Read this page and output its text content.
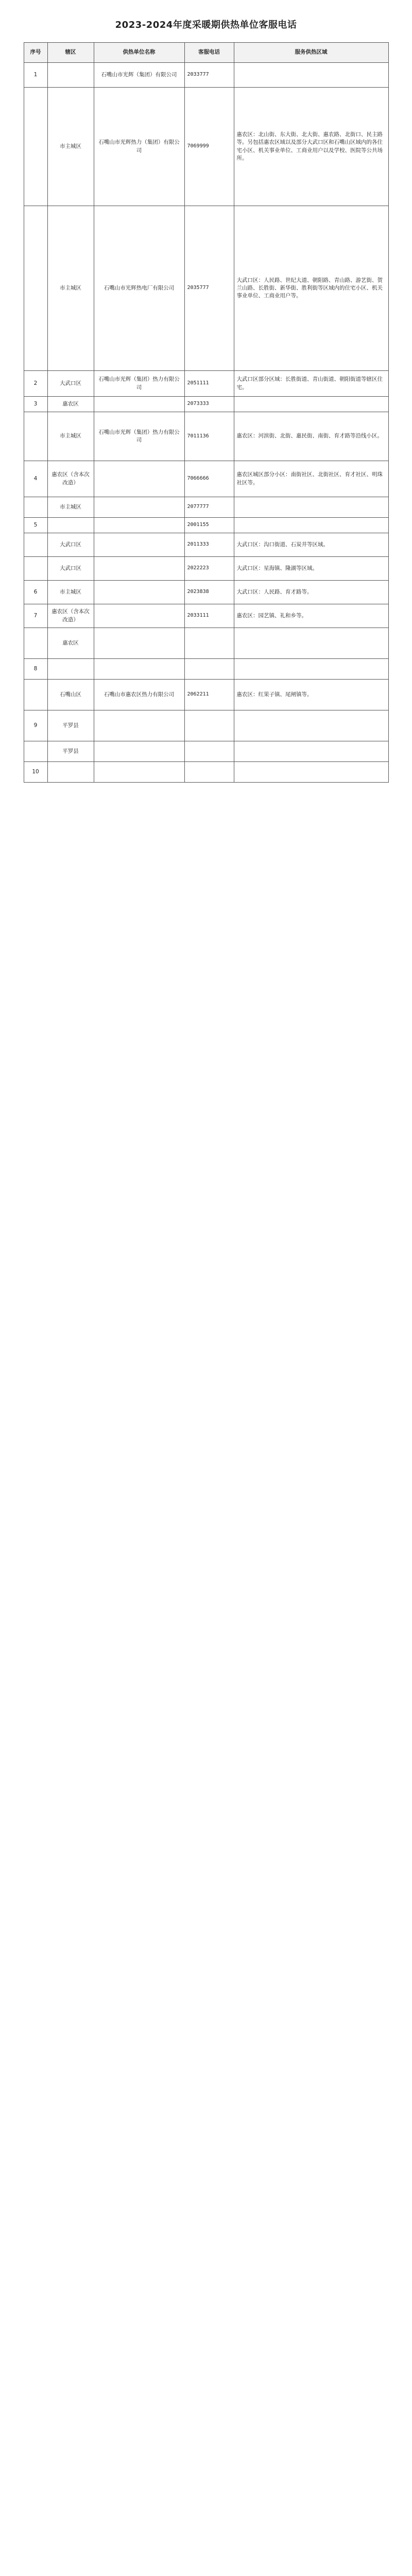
2023-2024年度采暖期供热单位客服电话
序号	辖区	供热单位名称	客服电话	服务供热区域
1		石嘴山市光辉（集团）有限公司	2033777	
	市主城区	石嘴山市光辉热力（集团）有限公司	7069999	惠农区：北山街、东大街、北大街、惠农路、北街口、民主路等。另包括惠农区域以及部分大武口区和石嘴山区域内的各住宅小区、机关事业单位、工商业用户以及学校、医院等公共场所。
	市主城区	石嘴山市光辉热电厂有限公司	2035777	大武口区：人民路、世纪大道、朝阳路、青山路、游艺街、贺兰山路、长胜街、新华街、胜利街等区域内的住宅小区、机关事业单位、工商业用户等。
2	大武口区	石嘴山市光辉（集团）热力有限公司	2051111	大武口区部分区域：长胜街道、青山街道、朝阳街道等辖区住宅。
3	惠农区		2073333	
	市主城区	石嘴山市光辉（集团）热力有限公司	7011136	惠农区：河滨街、北街、惠民街、南街、育才路等沿线小区。
4	惠农区（含本次改造）		7066666	惠农区城区部分小区：南街社区、北街社区、育才社区、明珠社区等。
	市主城区		2077777	
5			2001155	
	大武口区		2011333	大武口区：沟口街道、石炭井等区域。
	大武口区		2022223	大武口区：星海镇、隆湖等区域。
6	市主城区		2023838	大武口区：人民路、育才路等。
7	惠农区（含本次改造）		2033111	惠农区：园艺镇、礼和乡等。
	惠农区			
8				
	石嘴山区	石嘴山市惠农区热力有限公司	2062211	惠农区：红果子镇、尾闸镇等。
9	平罗县			
	平罗县			
10				
